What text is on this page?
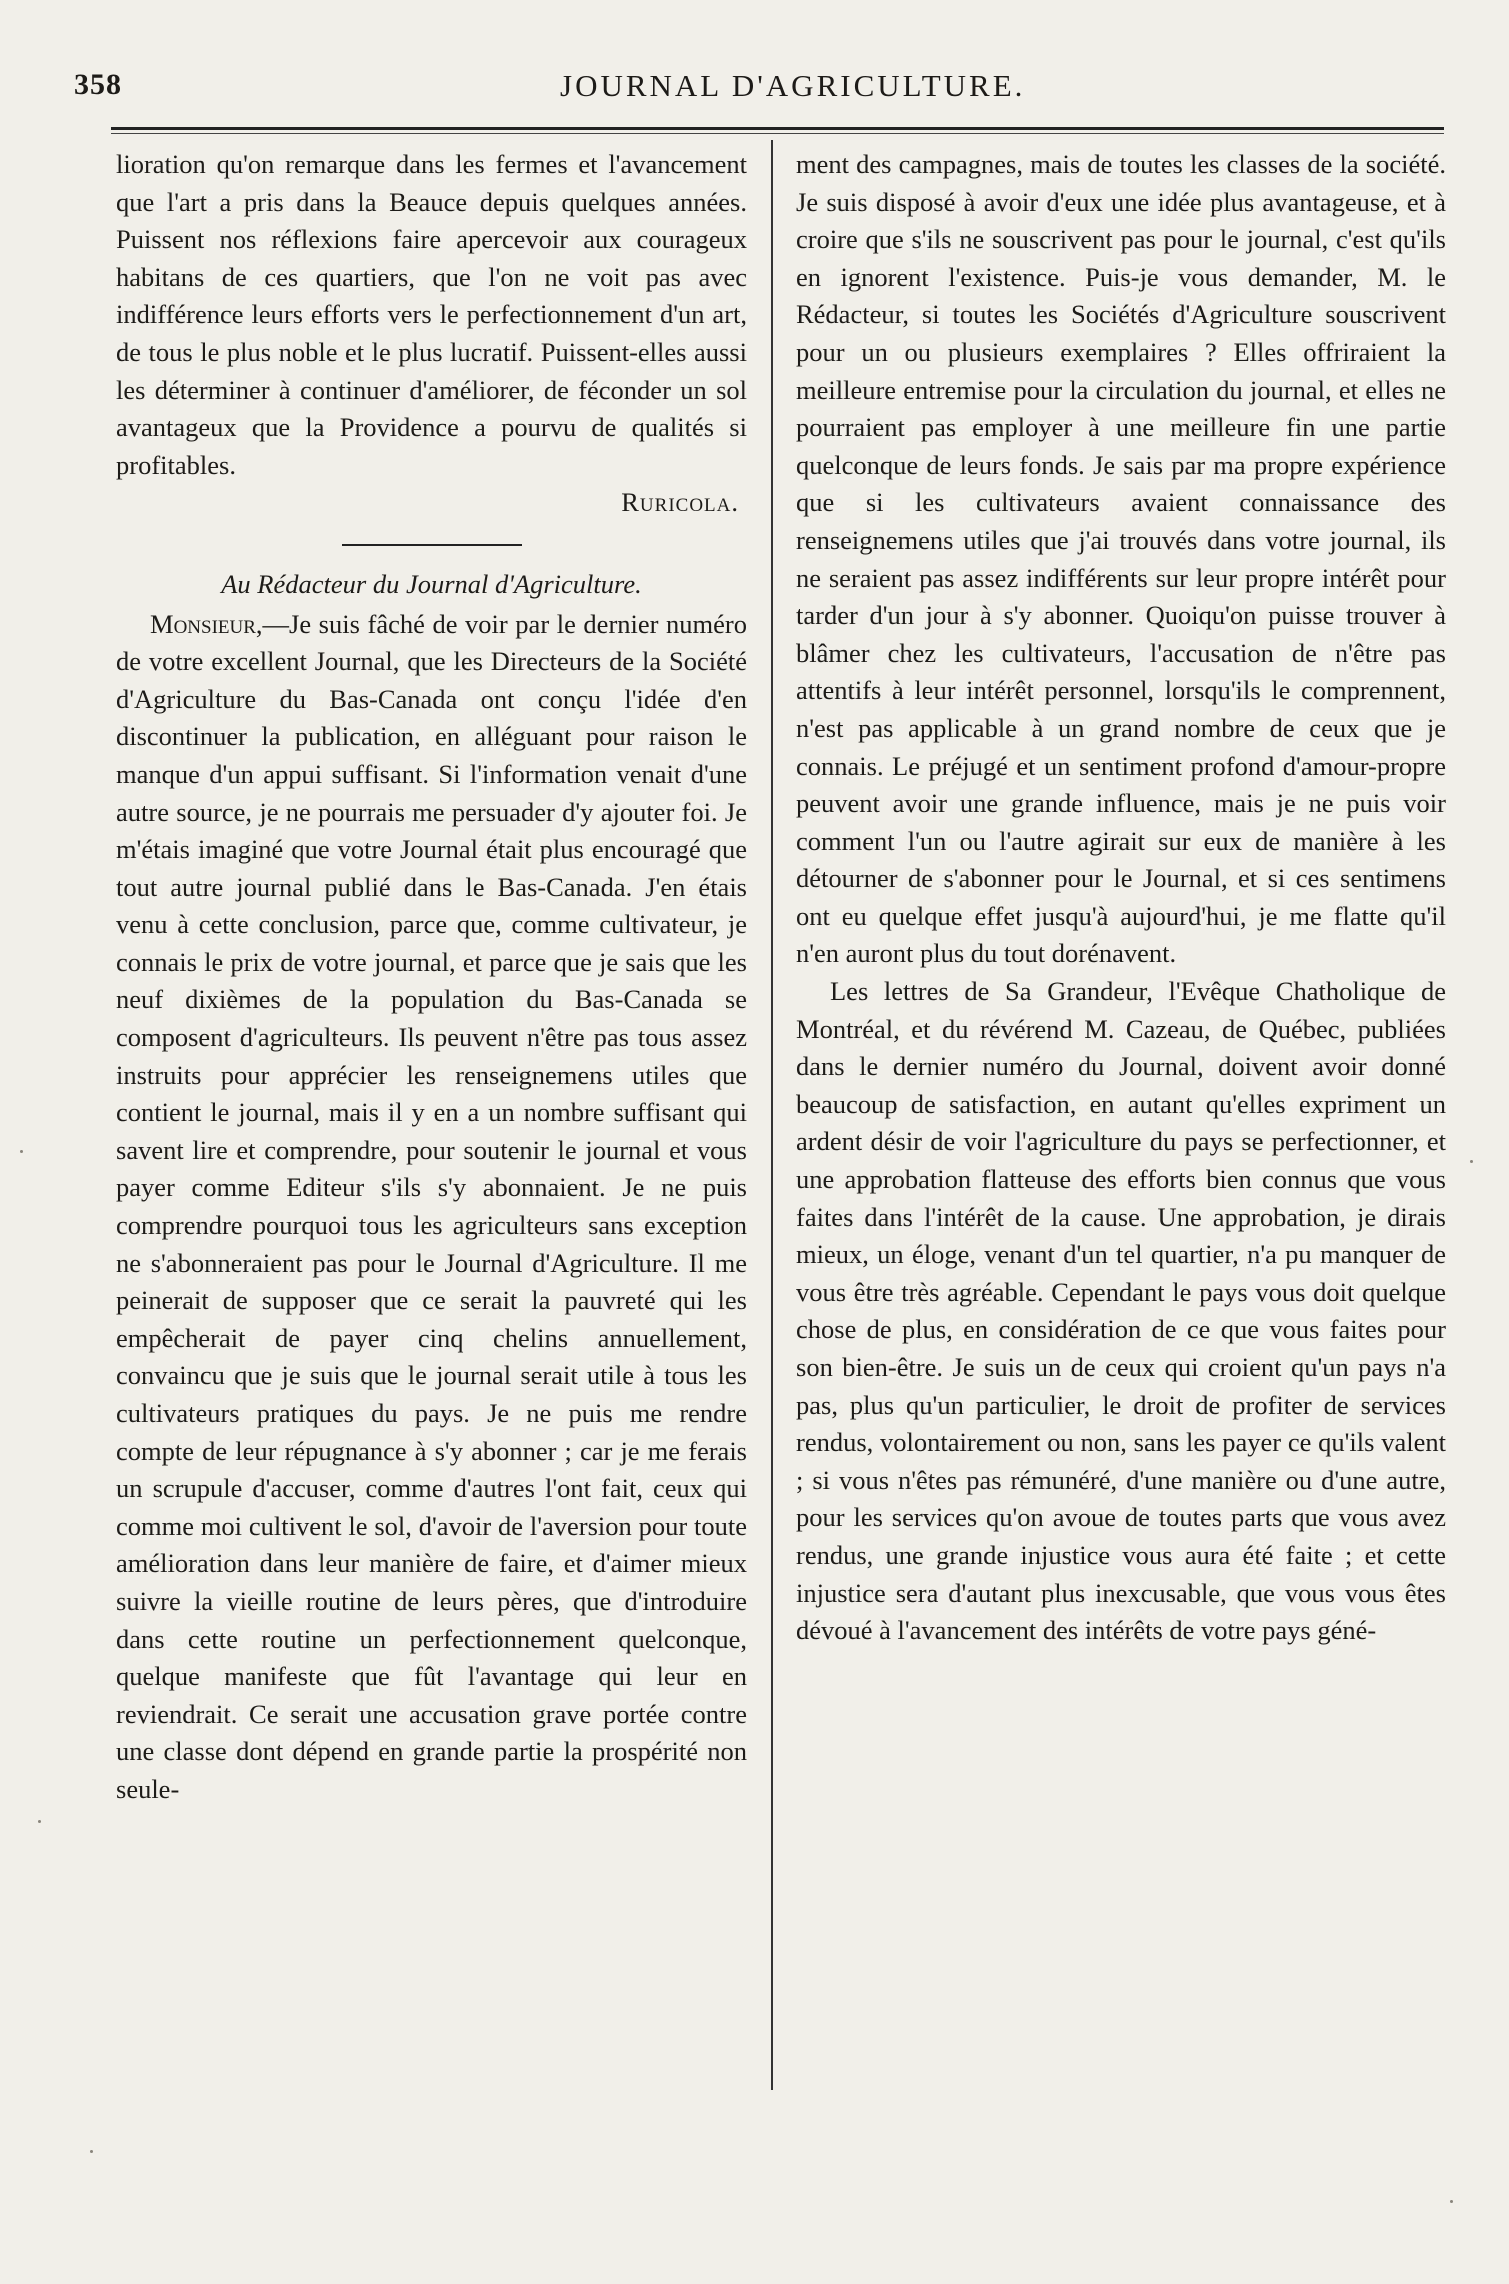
358	JOURNAL D'AGRICULTURE.

lioration qu'on remarque dans les fermes et l'avancement que l'art a pris dans la Beauce depuis quelques années. Puissent nos réflexions faire apercevoir aux courageux habitans de ces quartiers, que l'on ne voit pas avec indifférence leurs efforts vers le perfectionnement d'un art, de tous le plus noble et le plus lucratif. Puissent-elles aussi les déterminer à continuer d'améliorer, de féconder un sol avantageux que la Providence a pourvu de qualités si profitables.

Ruricola.

Au Rédacteur du Journal d'Agriculture.

Monsieur,—Je suis fâché de voir par le dernier numéro de votre excellent Journal, que les Directeurs de la Société d'Agriculture du Bas-Canada ont conçu l'idée d'en discontinuer la publication, en alléguant pour raison le manque d'un appui suffisant. Si l'information venait d'une autre source, je ne pourrais me persuader d'y ajouter foi. Je m'étais imaginé que votre Journal était plus encouragé que tout autre journal publié dans le Bas-Canada. J'en étais venu à cette conclusion, parce que, comme cultivateur, je connais le prix de votre journal, et parce que je sais que les neuf dixièmes de la population du Bas-Canada se composent d'agriculteurs. Ils peuvent n'être pas tous assez instruits pour apprécier les renseignemens utiles que contient le journal, mais il y en a un nombre suffisant qui savent lire et comprendre, pour soutenir le journal et vous payer comme Editeur s'ils s'y abonnaient. Je ne puis comprendre pourquoi tous les agriculteurs sans exception ne s'abonneraient pas pour le Journal d'Agriculture. Il me peinerait de supposer que ce serait la pauvreté qui les empêcherait de payer cinq chelins annuellement, convaincu que je suis que le journal serait utile à tous les cultivateurs pratiques du pays. Je ne puis me rendre compte de leur répugnance à s'y abonner ; car je me ferais un scrupule d'accuser, comme d'autres l'ont fait, ceux qui comme moi cultivent le sol, d'avoir de l'aversion pour toute amélioration dans leur manière de faire, et d'aimer mieux suivre la vieille routine de leurs pères, que d'introduire dans cette routine un perfectionnement quelconque, quelque manifeste que fût l'avantage qui leur en reviendrait. Ce serait une accusation grave portée contre une classe dont dépend en grande partie la prospérité non seule-

ment des campagnes, mais de toutes les classes de la société. Je suis disposé à avoir d'eux une idée plus avantageuse, et à croire que s'ils ne souscrivent pas pour le journal, c'est qu'ils en ignorent l'existence. Puis-je vous demander, M. le Rédacteur, si toutes les Sociétés d'Agriculture souscrivent pour un ou plusieurs exemplaires ? Elles offriraient la meilleure entremise pour la circulation du journal, et elles ne pourraient pas employer à une meilleure fin une partie quelconque de leurs fonds. Je sais par ma propre expérience que si les cultivateurs avaient connaissance des renseignemens utiles que j'ai trouvés dans votre journal, ils ne seraient pas assez indifférents sur leur propre intérêt pour tarder d'un jour à s'y abonner. Quoiqu'on puisse trouver à blâmer chez les cultivateurs, l'accusation de n'être pas attentifs à leur intérêt personnel, lorsqu'ils le comprennent, n'est pas applicable à un grand nombre de ceux que je connais. Le préjugé et un sentiment profond d'amour-propre peuvent avoir une grande influence, mais je ne puis voir comment l'un ou l'autre agirait sur eux de manière à les détourner de s'abonner pour le Journal, et si ces sentimens ont eu quelque effet jusqu'à aujourd'hui, je me flatte qu'il n'en auront plus du tout dorénavent.

Les lettres de Sa Grandeur, l'Evêque Chatholique de Montréal, et du révérend M. Cazeau, de Québec, publiées dans le dernier numéro du Journal, doivent avoir donné beaucoup de satisfaction, en autant qu'elles expriment un ardent désir de voir l'agriculture du pays se perfectionner, et une approbation flatteuse des efforts bien connus que vous faites dans l'intérêt de la cause. Une approbation, je dirais mieux, un éloge, venant d'un tel quartier, n'a pu manquer de vous être très agréable. Cependant le pays vous doit quelque chose de plus, en considération de ce que vous faites pour son bien-être. Je suis un de ceux qui croient qu'un pays n'a pas, plus qu'un particulier, le droit de profiter de services rendus, volontairement ou non, sans les payer ce qu'ils valent ; si vous n'êtes pas rémunéré, d'une manière ou d'une autre, pour les services qu'on avoue de toutes parts que vous avez rendus, une grande injustice vous aura été faite ; et cette injustice sera d'autant plus inexcusable, que vous vous êtes dévoué à l'avancement des intérêts de votre pays géné-
